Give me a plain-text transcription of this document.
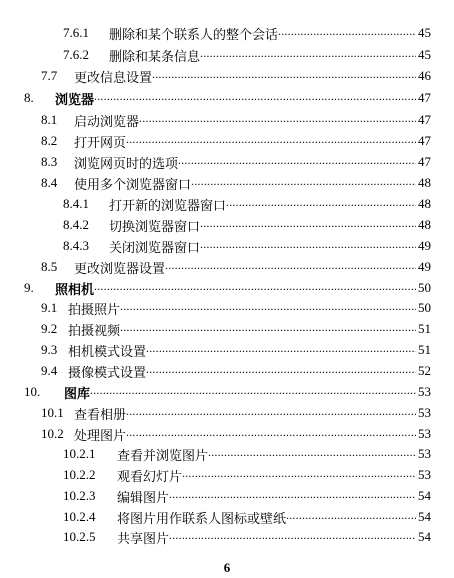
7.6.1	删除和某个联系人的整个会话 .....	45
7.6.2	删除和某条信息 .....	45
7.7	更改信息设置 .....	46
8.	浏览器 .....	47
8.1	启动浏览器 .....	47
8.2	打开网页 .....	47
8.3	浏览网页时的选项 .....	47
8.4	使用多个浏览器窗口 .....	48
8.4.1	打开新的浏览器窗口 .....	48
8.4.2	切换浏览器窗口 .....	48
8.4.3	关闭浏览器窗口 .....	49
8.5	更改浏览器设置 .....	49
9.	照相机 .....	50
9.1 拍摄照片 .....	50
9.2 拍摄视频 .....	51
9.3 相机模式设置 .....	51
9.4 摄像模式设置 .....	52
10.	图库 .....	53
10.1 查看相册 .....	53
10.2 处理图片 .....	53
10.2.1	查看并浏览图片 .....	53
10.2.2	观看幻灯片 .....	53
10.2.3	编辑图片 .....	54
10.2.4	将图片用作联系人图标或壁纸 .....	54
10.2.5	共享图片 .....	54
6
